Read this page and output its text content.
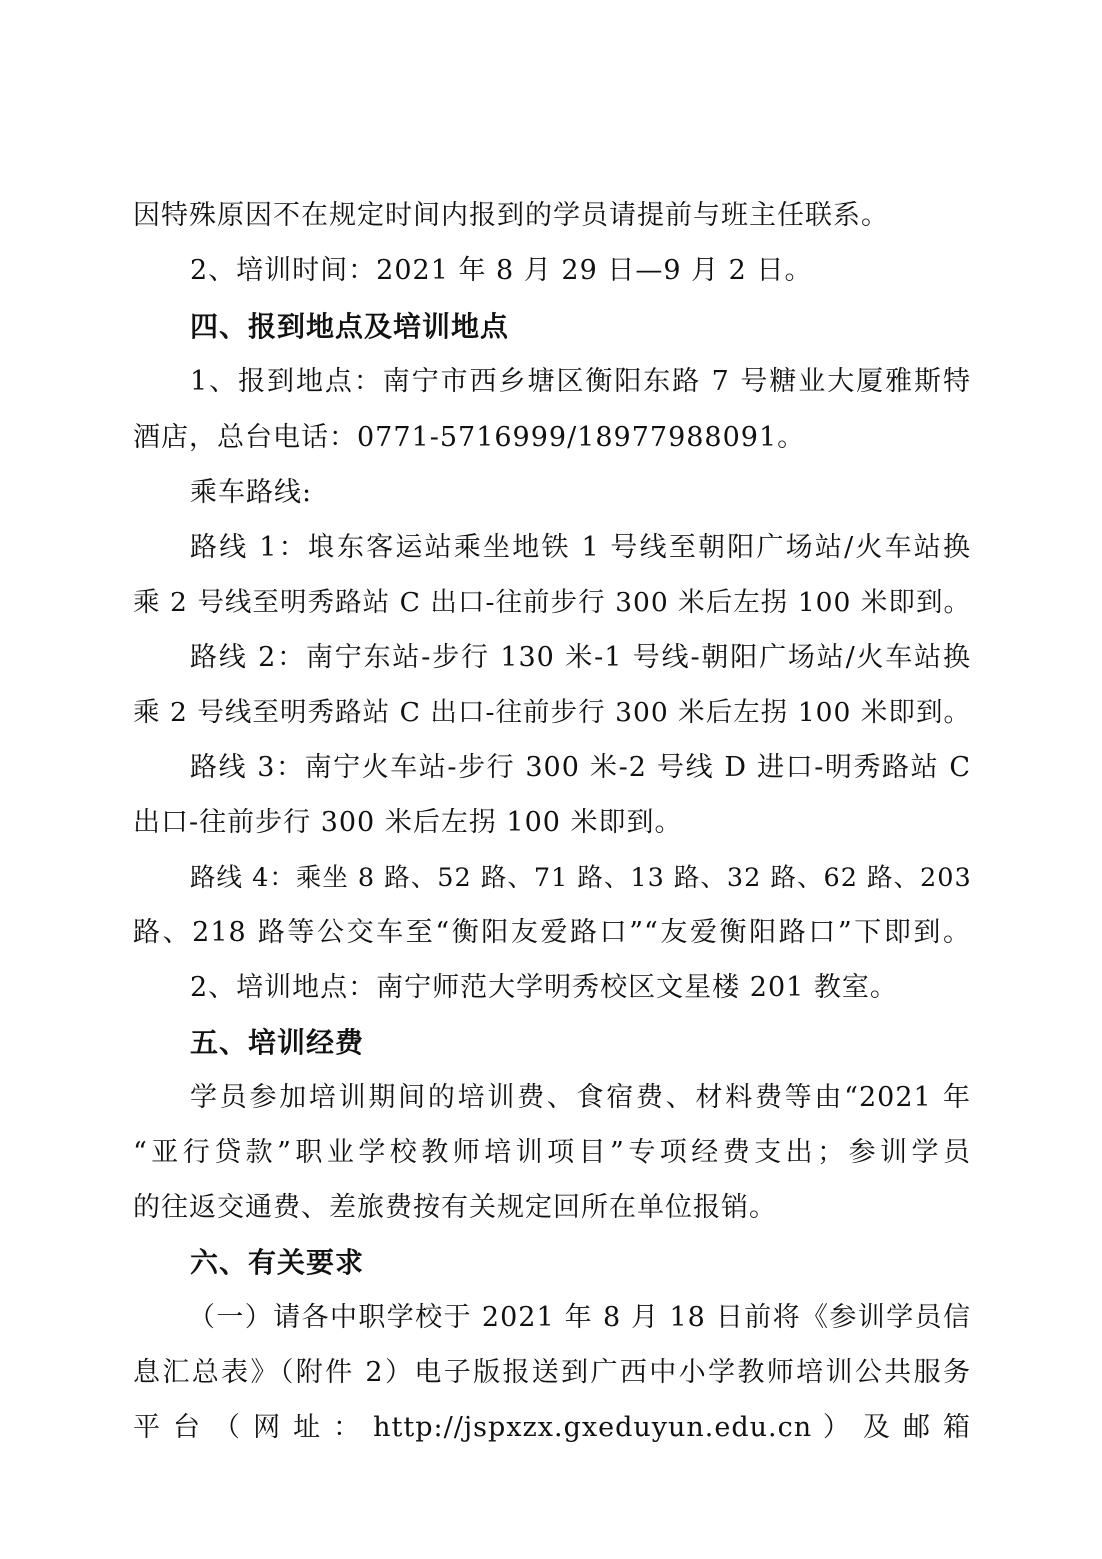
因特殊原因不在规定时间内报到的学员请提前与班主任联系。
2、培训时间：2021 年 8 月 29 日—9 月 2 日。
四、报到地点及培训地点
1、报到地点：南宁市西乡塘区衡阳东路 7 号糖业大厦雅斯特
酒店，总台电话：0771-5716999/18977988091。
乘车路线:
路线 1：埌东客运站乘坐地铁 1 号线至朝阳广场站/火车站换
乘 2 号线至明秀路站 C 出口-往前步行 300 米后左拐 100 米即到。
路线 2：南宁东站-步行 130 米-1 号线-朝阳广场站/火车站换
乘 2 号线至明秀路站 C 出口-往前步行 300 米后左拐 100 米即到。
路线 3：南宁火车站-步行 300 米-2 号线 D 进口-明秀路站 C
出口-往前步行 300 米后左拐 100 米即到。
路线 4：乘坐 8 路、52 路、71 路、13 路、32 路、62 路、203
路、218 路等公交车至“衡阳友爱路口”“友爱衡阳路口”下即到。
2、培训地点：南宁师范大学明秀校区文星楼 201 教室。
五、培训经费
学员参加培训期间的培训费、食宿费、材料费等由“2021 年
“亚行贷款”职业学校教师培训项目”专项经费支出；参训学员
的往返交通费、差旅费按有关规定回所在单位报销。
六、有关要求
（一）请各中职学校于 2021 年 8 月 18 日前将《参训学员信
息汇总表》（附件 2）电子版报送到广西中小学教师培训公共服务
平 台 （ 网 址 ： http://jspxzx.gxeduyun.edu.cn ） 及 邮 箱
